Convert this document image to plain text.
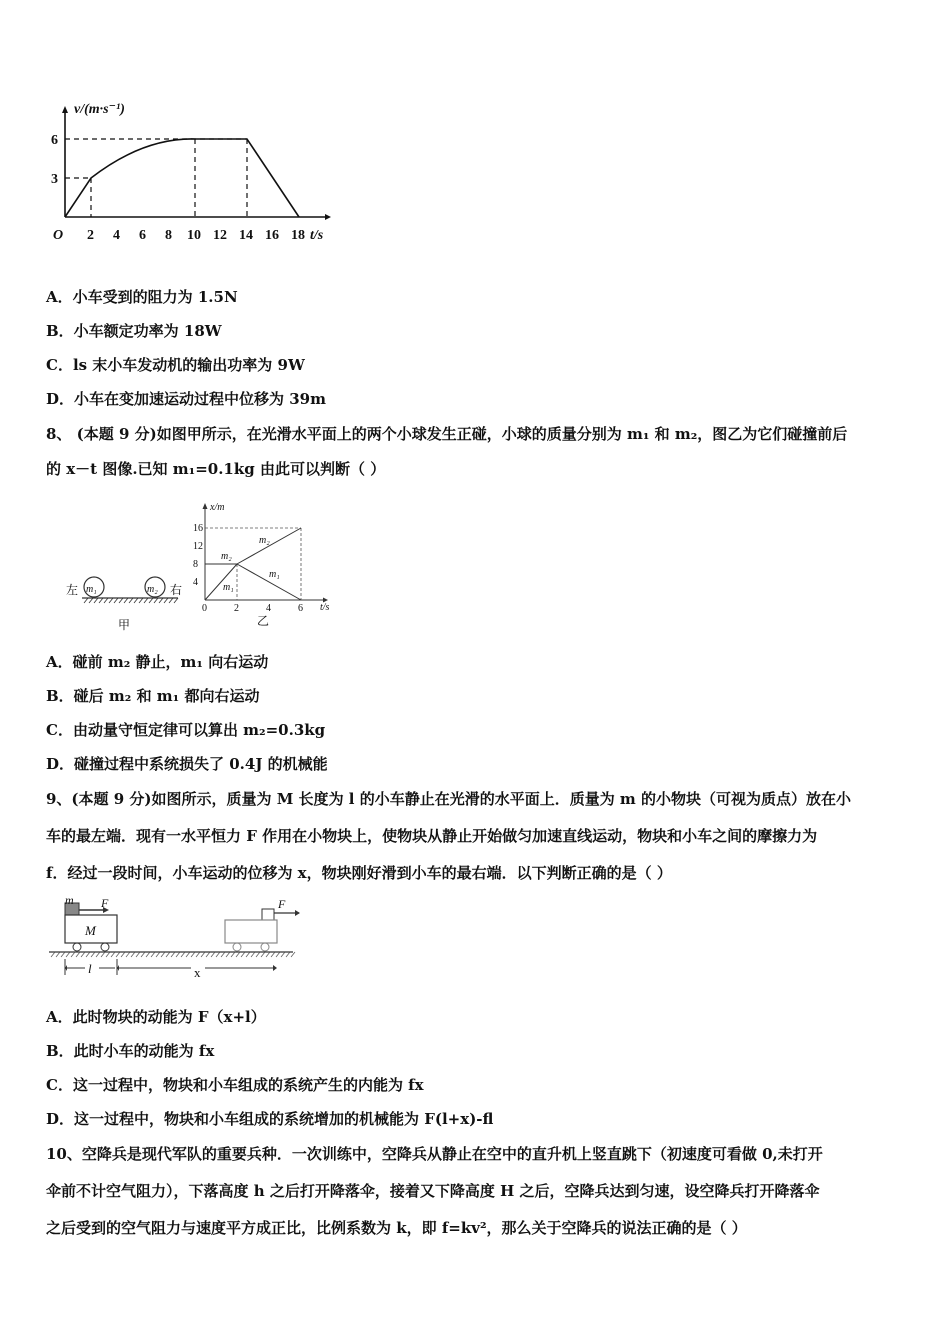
v/(m·s⁻¹)
t/s
O 2 4 6 8 10 12 14 16 18
3
6
A．小车受到的阻力为 1.5N
B．小车额定功率为 18W
C．ls 末小车发动机的输出功率为 9W
D．小车在变加速运动过程中位移为 39m
8、 (本题 9 分)如图甲所示，在光滑水平面上的两个小球发生正碰，小球的质量分别为 m₁ 和 m₂，图乙为它们碰撞前后
的 x－t 图像.已知 m₁=0.1kg 由此可以判断（ ）
m₁	m₂
左	右
甲
x/m
t/s
乙
4
8
12
16
0	2	4	6
m₂
m₂
m₁
m₁
A．碰前 m₂ 静止，m₁ 向右运动
B．碰后 m₂ 和 m₁ 都向右运动
C．由动量守恒定律可以算出 m₂=0.3kg
D．碰撞过程中系统损失了 0.4J 的机械能
9、(本题 9 分)如图所示，质量为 M 长度为 l 的小车静止在光滑的水平面上．质量为 m 的小物块（可视为质点）放在小
车的最左端．现有一水平恒力 F 作用在小物块上，使物块从静止开始做匀加速直线运动，物块和小车之间的摩擦力为
f．经过一段时间，小车运动的位移为 x，物块刚好滑到小车的最右端．以下判断正确的是（ ）
m F
M
F
l	x
A．此时物块的动能为 F（x+l）
B．此时小车的动能为 fx
C．这一过程中，物块和小车组成的系统产生的内能为 fx
D．这一过程中，物块和小车组成的系统增加的机械能为 F(l+x)-fl
10、空降兵是现代军队的重要兵种．一次训练中，空降兵从静止在空中的直升机上竖直跳下（初速度可看做 0,未打开
伞前不计空气阻力），下落高度 h 之后打开降落伞，接着又下降高度 H 之后，空降兵达到匀速，设空降兵打开降落伞
之后受到的空气阻力与速度平方成正比，比例系数为 k，即 f=kv²，那么关于空降兵的说法正确的是（ ）
